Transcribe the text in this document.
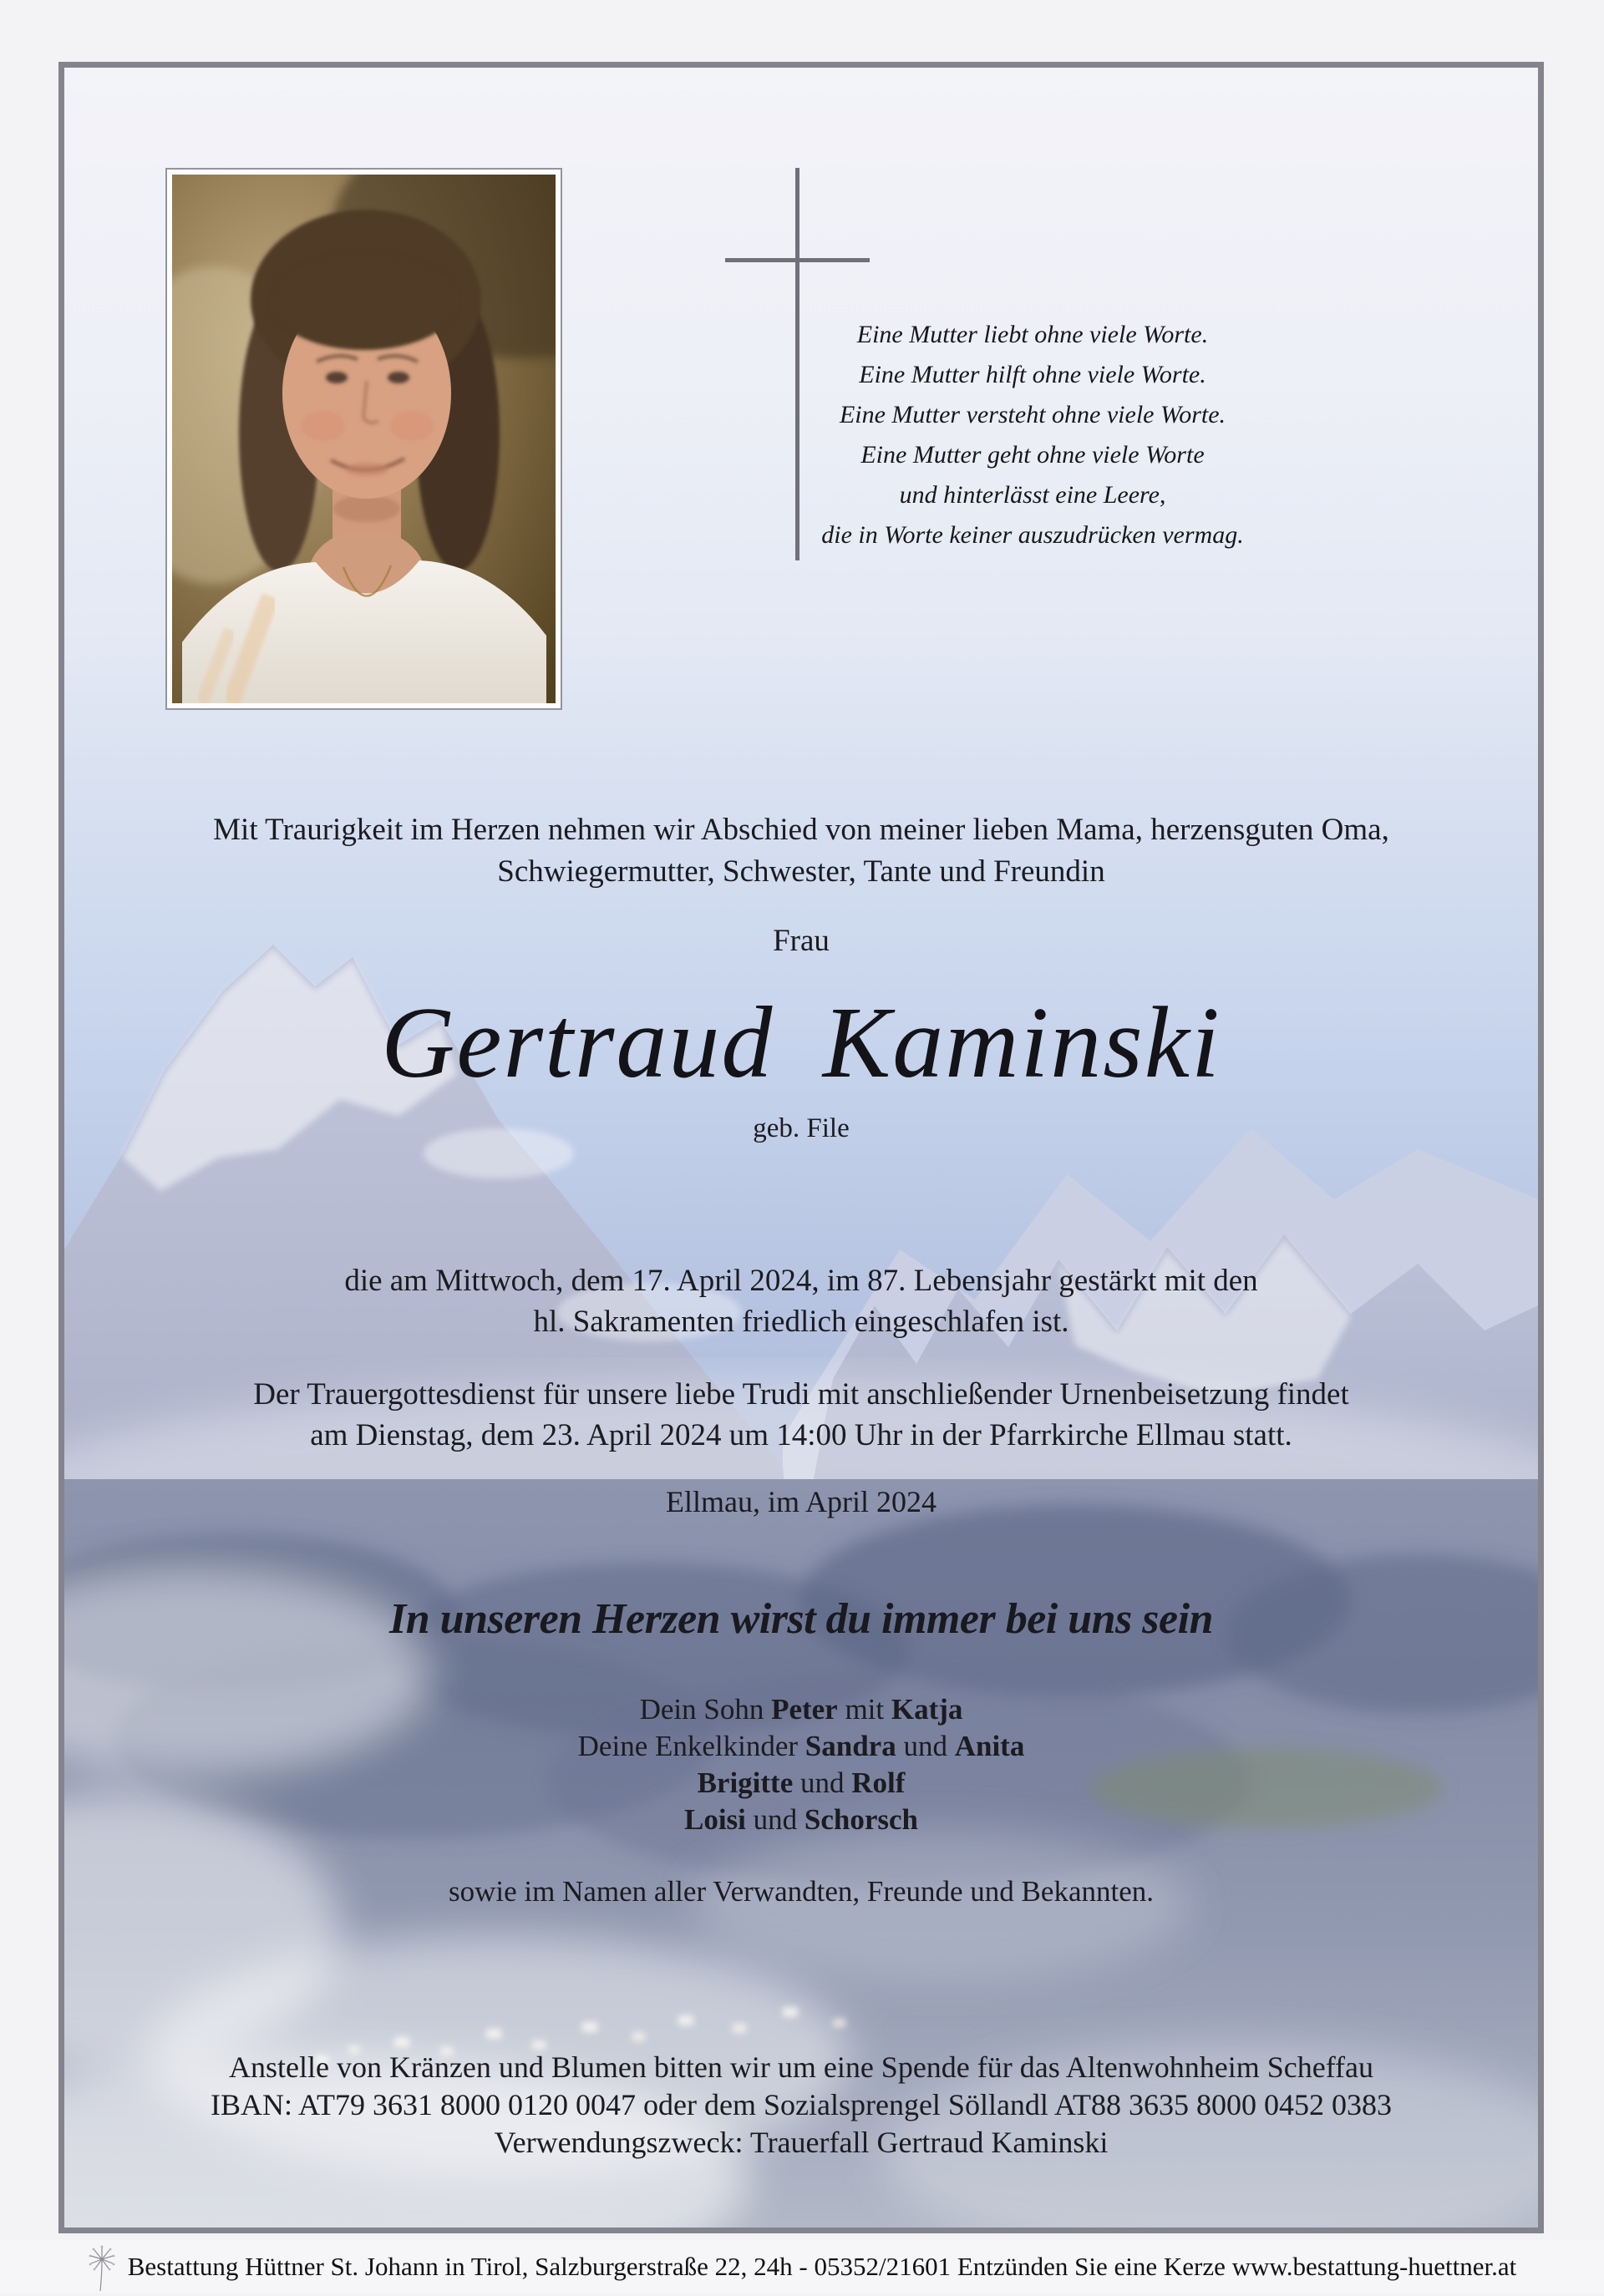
Eine Mutter liebt ohne viele Worte.
Eine Mutter hilft ohne viele Worte.
Eine Mutter versteht ohne viele Worte.
Eine Mutter geht ohne viele Worte
und hinterlässt eine Leere,
die in Worte keiner auszudrücken vermag.
Mit Traurigkeit im Herzen nehmen wir Abschied von meiner lieben Mama, herzensguten Oma,
Schwiegermutter, Schwester, Tante und Freundin
Frau
Gertraud Kaminski
geb. File
die am Mittwoch, dem 17. April 2024, im 87. Lebensjahr gestärkt mit den
hl. Sakramenten friedlich eingeschlafen ist.
Der Trauergottesdienst für unsere liebe Trudi mit anschließender Urnenbeisetzung findet
am Dienstag, dem 23. April 2024 um 14:00 Uhr in der Pfarrkirche Ellmau statt.
Ellmau, im April 2024
In unseren Herzen wirst du immer bei uns sein
Dein Sohn Peter mit Katja
Deine Enkelkinder Sandra und Anita
Brigitte und Rolf
Loisi und Schorsch
sowie im Namen aller Verwandten, Freunde und Bekannten.
Anstelle von Kränzen und Blumen bitten wir um eine Spende für das Altenwohnheim Scheffau
IBAN: AT79 3631 8000 0120 0047 oder dem Sozialsprengel Söllandl AT88 3635 8000 0452 0383
Verwendungszweck: Trauerfall Gertraud Kaminski
Bestattung Hüttner St. Johann in Tirol, Salzburgerstraße 22, 24h - 05352/21601 Entzünden Sie eine Kerze www.bestattung-huettner.at
